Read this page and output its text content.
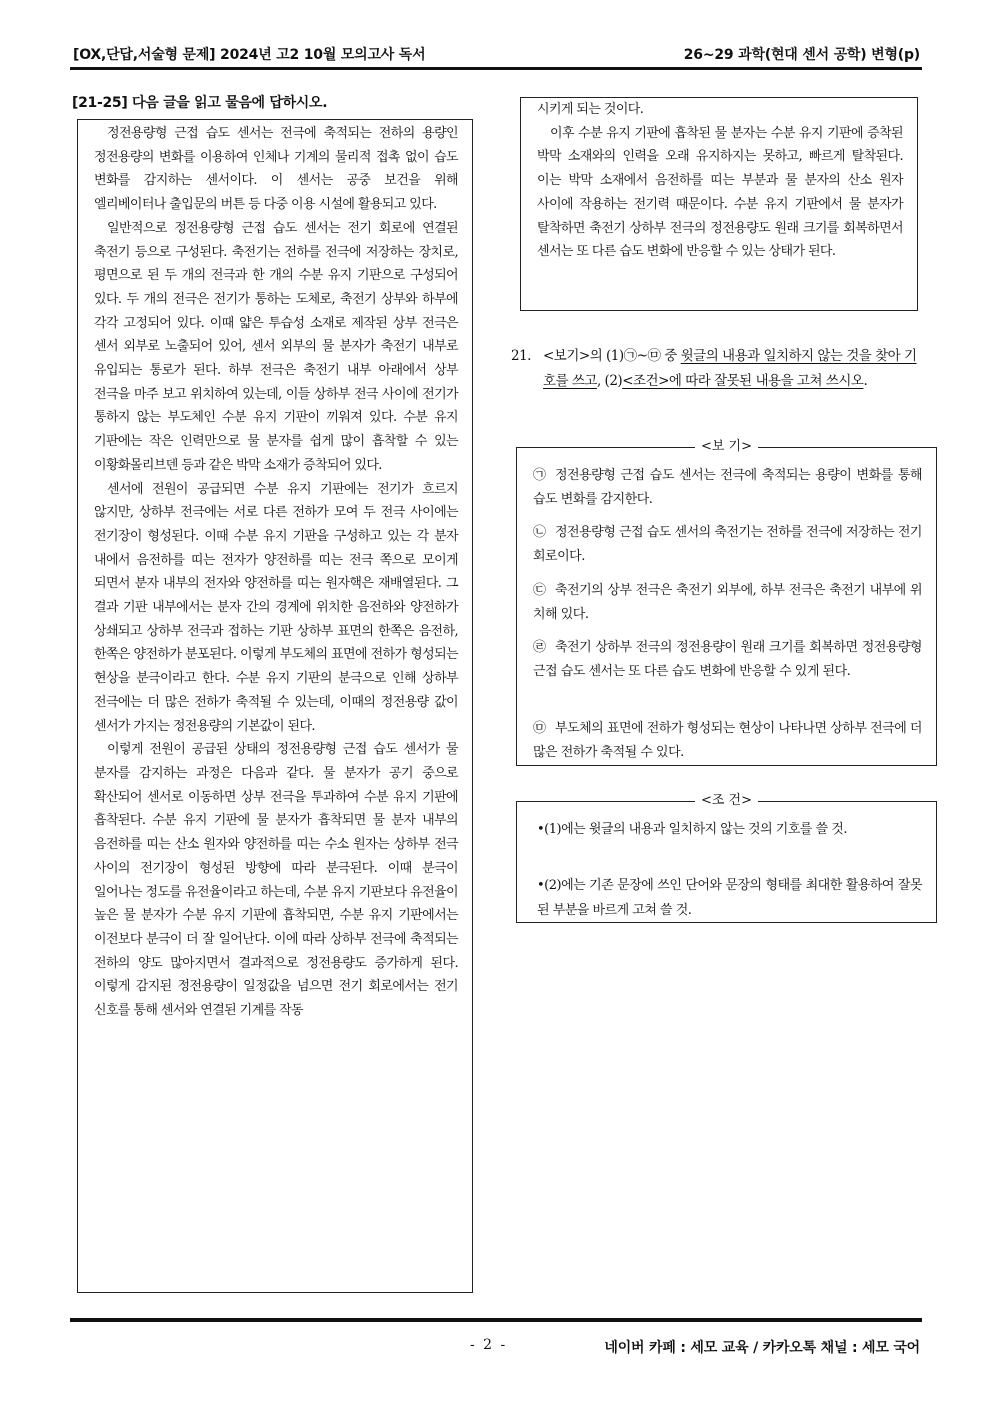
[OX,단답,서술형 문제] 2024년 고2 10월 모의고사 독서	26~29 과학(현대 센서 공학) 변형(p)
[21-25] 다음 글을 읽고 물음에 답하시오.

정전용량형 근접 습도 센서는 전극에 축적되는 전하의 용량인 정전용량의 변화를 이용하여 인체나 기계의 물리적 접촉 없이 습도 변화를 감지하는 센서이다. 이 센서는 공중 보건을 위해 엘리베이터나 출입문의 버튼 등 다중 이용 시설에 활용되고 있다.

일반적으로 정전용량형 근접 습도 센서는 전기 회로에 연결된 축전기 등으로 구성된다. 축전기는 전하를 전극에 저장하는 장치로, 평면으로 된 두 개의 전극과 한 개의 수분 유지 기판으로 구성되어 있다. 두 개의 전극은 전기가 통하는 도체로, 축전기 상부와 하부에 각각 고정되어 있다. 이때 얇은 투습성 소재로 제작된 상부 전극은 센서 외부로 노출되어 있어, 센서 외부의 물 분자가 축전기 내부로 유입되는 통로가 된다. 하부 전극은 축전기 내부 아래에서 상부 전극을 마주 보고 위치하여 있는데, 이들 상하부 전극 사이에 전기가 통하지 않는 부도체인 수분 유지 기판이 끼워져 있다. 수분 유지 기판에는 작은 인력만으로 물 분자를 쉽게 많이 흡착할 수 있는 이황화몰리브덴 등과 같은 박막 소재가 증착되어 있다.

센서에 전원이 공급되면 수분 유지 기판에는 전기가 흐르지 않지만, 상하부 전극에는 서로 다른 전하가 모여 두 전극 사이에는 전기장이 형성된다. 이때 수분 유지 기판을 구성하고 있는 각 분자 내에서 음전하를 띠는 전자가 양전하를 띠는 전극 쪽으로 모이게 되면서 분자 내부의 전자와 양전하를 띠는 원자핵은 재배열된다. 그 결과 기판 내부에서는 분자 간의 경계에 위치한 음전하와 양전하가 상쇄되고 상하부 전극과 접하는 기판 상하부 표면의 한쪽은 음전하, 한쪽은 양전하가 분포된다. 이렇게 부도체의 표면에 전하가 형성되는 현상을 분극이라고 한다. 수분 유지 기판의 분극으로 인해 상하부 전극에는 더 많은 전하가 축적될 수 있는데, 이때의 정전용량 값이 센서가 가지는 정전용량의 기본값이 된다.

이렇게 전원이 공급된 상태의 정전용량형 근접 습도 센서가 물 분자를 감지하는 과정은 다음과 같다. 물 분자가 공기 중으로 확산되어 센서로 이동하면 상부 전극을 투과하여 수분 유지 기판에 흡착된다. 수분 유지 기판에 물 분자가 흡착되면 물 분자 내부의 음전하를 띠는 산소 원자와 양전하를 띠는 수소 원자는 상하부 전극 사이의 전기장이 형성된 방향에 따라 분극된다. 이때 분극이 일어나는 정도를 유전율이라고 하는데, 수분 유지 기판보다 유전율이 높은 물 분자가 수분 유지 기판에 흡착되면, 수분 유지 기판에서는 이전보다 분극이 더 잘 일어난다. 이에 따라 상하부 전극에 축적되는 전하의 양도 많아지면서 결과적으로 정전용량도 증가하게 된다. 이렇게 감지된 정전용량이 일정값을 넘으면 전기 회로에서는 전기 신호를 통해 센서와 연결된 기계를 작동

시키게 되는 것이다.

이후 수분 유지 기판에 흡착된 물 분자는 수분 유지 기판에 증착된 박막 소재와의 인력을 오래 유지하지는 못하고, 빠르게 탈착된다. 이는 박막 소재에서 음전하를 띠는 부분과 물 분자의 산소 원자 사이에 작용하는 전기력 때문이다. 수분 유지 기판에서 물 분자가 탈착하면 축전기 상하부 전극의 정전용량도 원래 크기를 회복하면서 센서는 또 다른 습도 변화에 반응할 수 있는 상태가 된다.

21. <보기>의 (1)㉠~㉤ 중 윗글의 내용과 일치하지 않는 것을 찾아 기호를 쓰고, (2)<조건>에 따라 잘못된 내용을 고쳐 쓰시오.
<보 기>
㉠ 정전용량형 근접 습도 센서는 전극에 축적되는 용량이 변화를 통해 습도 변화를 감지한다.
㉡ 정전용량형 근접 습도 센서의 축전기는 전하를 전극에 저장하는 전기 회로이다.
㉢ 축전기의 상부 전극은 축전기 외부에, 하부 전극은 축전기 내부에 위치해 있다.
㉣ 축전기 상하부 전극의 정전용량이 원래 크기를 회복하면 정전용량형 근접 습도 센서는 또 다른 습도 변화에 반응할 수 있게 된다.
㉤ 부도체의 표면에 전하가 형성되는 현상이 나타나면 상하부 전극에 더 많은 전하가 축적될 수 있다.
<조 건>
•(1)에는 윗글의 내용과 일치하지 않는 것의 기호를 쓸 것.
•(2)에는 기존 문장에 쓰인 단어와 문장의 형태를 최대한 활용하여 잘못된 부분을 바르게 고쳐 쓸 것.
- 2 -	네이버 카페 : 세모 교육 / 카카오톡 채널 : 세모 국어
